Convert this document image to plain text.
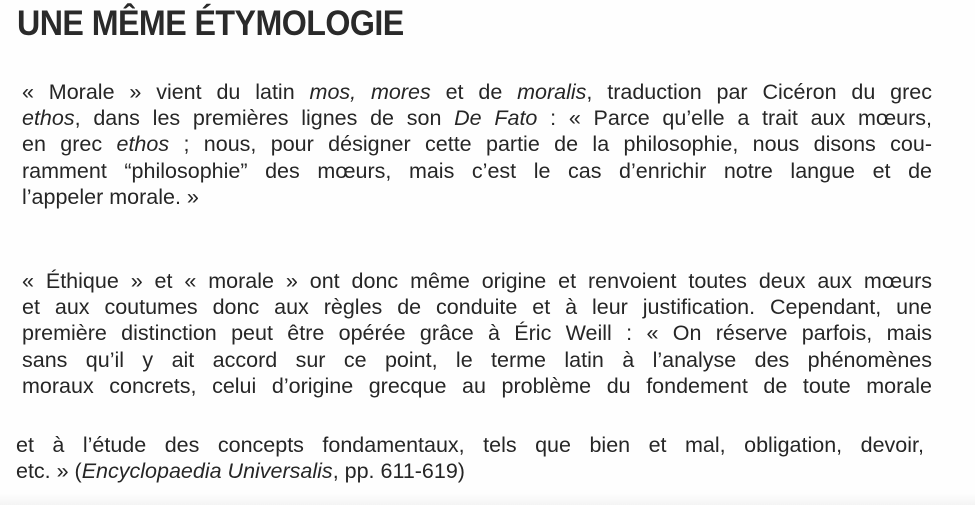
UNE MÊME ÉTYMOLOGIE
« Morale » vient du latin mos, mores et de moralis, traduction par Cicéron du grec
ethos, dans les premières lignes de son De Fato : « Parce qu’elle a trait aux mœurs,
en grec ethos ; nous, pour désigner cette partie de la philosophie, nous disons cou-
ramment “philosophie” des mœurs, mais c’est le cas d’enrichir notre langue et de
l’appeler morale. »
« Éthique » et « morale » ont donc même origine et renvoient toutes deux aux mœurs
et aux coutumes donc aux règles de conduite et à leur justification. Cependant, une
première distinction peut être opérée grâce à Éric Weill : « On réserve parfois, mais
sans qu’il y ait accord sur ce point, le terme latin à l’analyse des phénomènes
moraux concrets, celui d’origine grecque au problème du fondement de toute morale
et à l’étude des concepts fondamentaux, tels que bien et mal, obligation, devoir,
etc. » (Encyclopaedia Universalis, pp. 611-619)
